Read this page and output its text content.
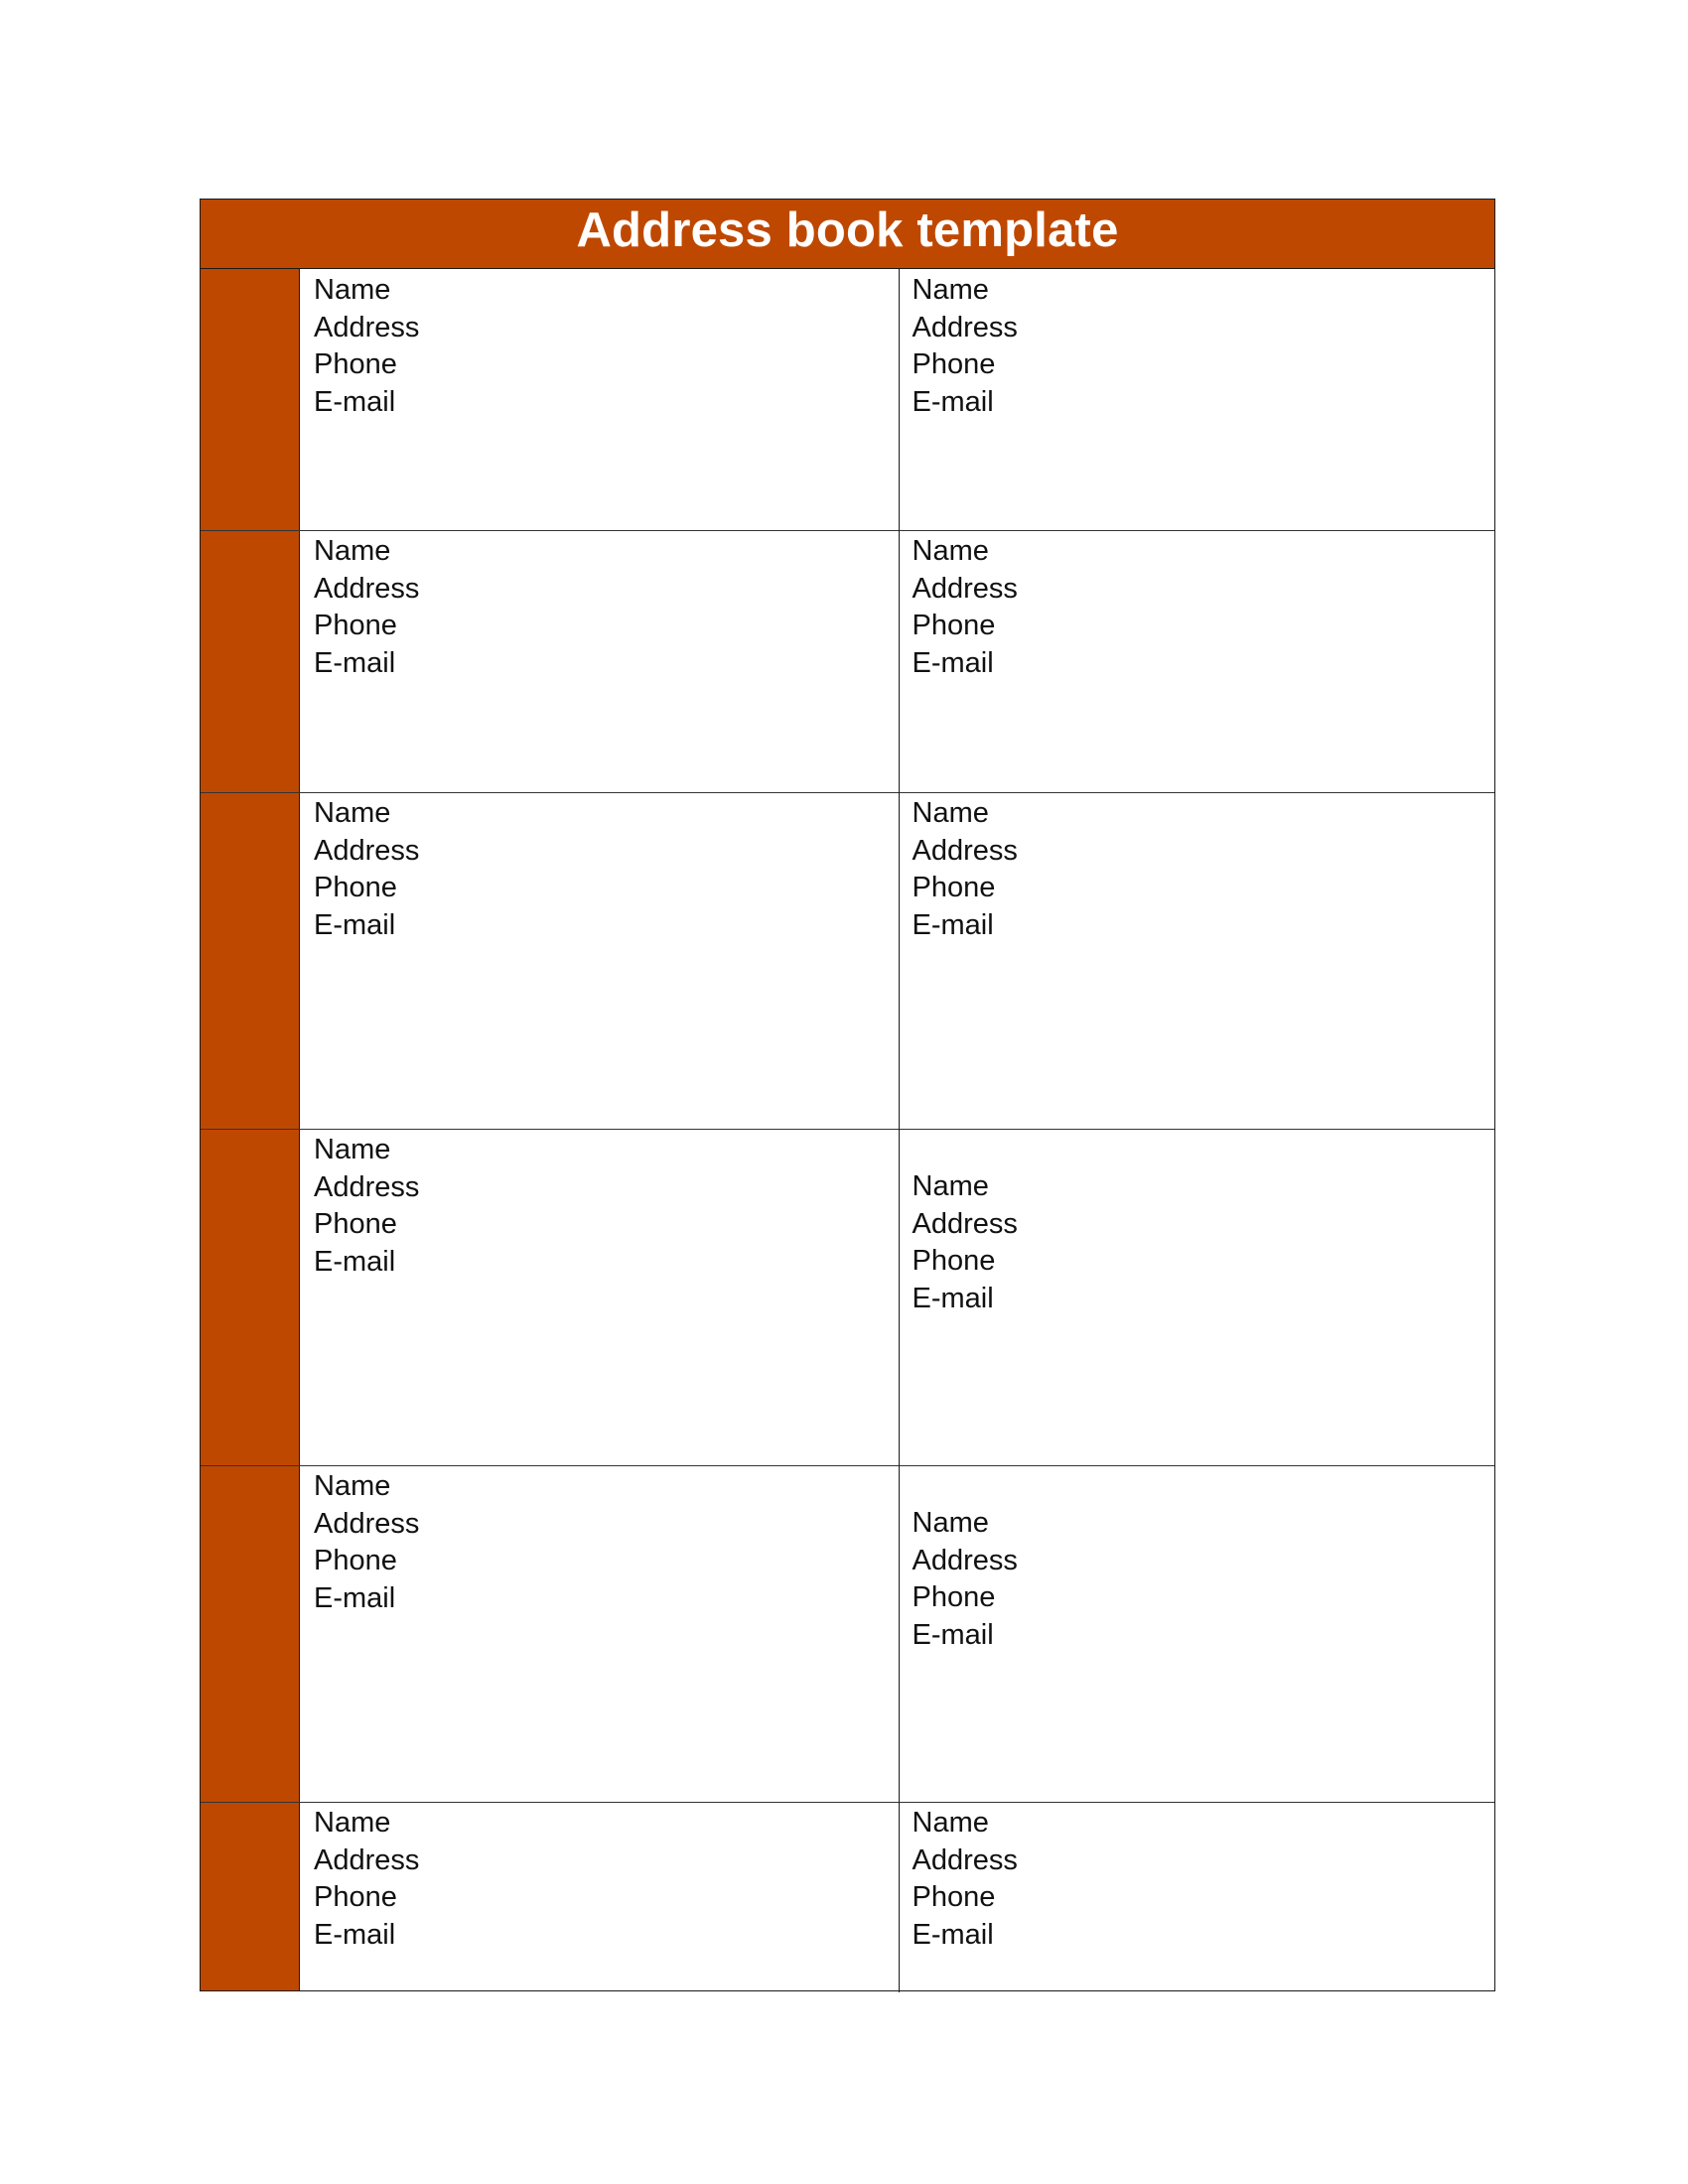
Address book template
Name
Address
Phone
E-mail
Name
Address
Phone
E-mail
Name
Address
Phone
E-mail
Name
Address
Phone
E-mail
Name
Address
Phone
E-mail
Name
Address
Phone
E-mail
Name
Address
Phone
E-mail
Name
Address
Phone
E-mail
Name
Address
Phone
E-mail
Name
Address
Phone
E-mail
Name
Address
Phone
E-mail
Name
Address
Phone
E-mail
